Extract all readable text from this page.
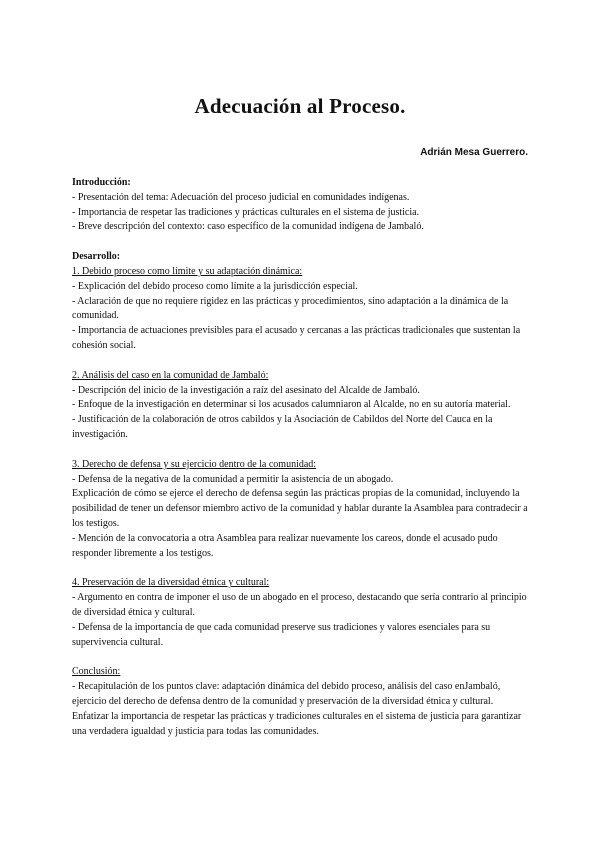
Adecuación al Proceso.

Adrián Mesa Guerrero.

Introducción:

- Presentación del tema: Adecuación del proceso judicial en comunidades indígenas.

- Importancia de respetar las tradiciones y prácticas culturales en el sistema de justicia.

- Breve descripción del contexto: caso específico de la comunidad indígena de Jambaló.

Desarrollo:

1. Debido proceso como límite y su adaptación dinámica:

- Explicación del debido proceso como límite a la jurisdicción especial.

- Aclaración de que no requiere rigidez en las prácticas y procedimientos, sino adaptación a la dinámica de la comunidad.

- Importancia de actuaciones previsibles para el acusado y cercanas a las prácticas tradicionales que sustentan la cohesión social.

2. Análisis del caso en la comunidad de Jambaló:

- Descripción del inicio de la investigación a raíz del asesinato del Alcalde de Jambaló.

- Enfoque de la investigación en determinar si los acusados calumniaron al Alcalde, no en su autoría material.

- Justificación de la colaboración de otros cabildos y la Asociación de Cabildos del Norte del Cauca en la investigación.

3. Derecho de defensa y su ejercicio dentro de la comunidad:

- Defensa de la negativa de la comunidad a permitir la asistencia de un abogado.

Explicación de cómo se ejerce el derecho de defensa según las prácticas propias de la comunidad, incluyendo la posibilidad de tener un defensor miembro activo de la comunidad y hablar durante la Asamblea para contradecir a los testigos.

- Mención de la convocatoria a otra Asamblea para realizar nuevamente los careos, donde el acusado pudo responder libremente a los testigos.

4. Preservación de la diversidad étnica y cultural:

- Argumento en contra de imponer el uso de un abogado en el proceso, destacando que sería contrario al principio de diversidad étnica y cultural.

- Defensa de la importancia de que cada comunidad preserve sus tradiciones y valores esenciales para su supervivencia cultural.

Conclusión:

- Recapitulación de los puntos clave: adaptación dinámica del debido proceso, análisis del caso enJambaló, ejercicio del derecho de defensa dentro de la comunidad y preservación de la diversidad étnica y cultural.

Enfatizar la importancia de respetar las prácticas y tradiciones culturales en el sistema de justicia para garantizar una verdadera igualdad y justicia para todas las comunidades.
